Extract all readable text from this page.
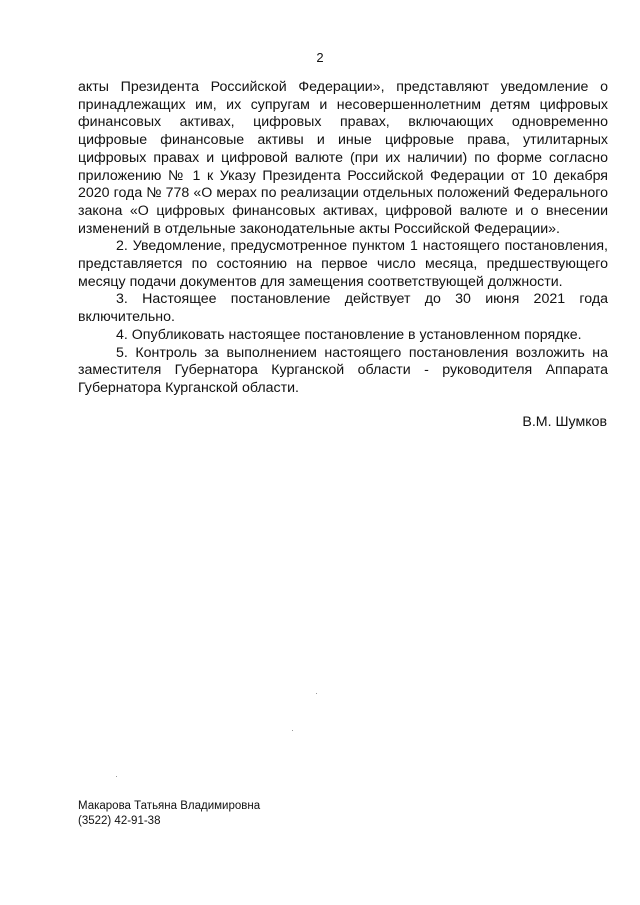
2

акты Президента Российской Федерации», представляют уведомление о принадлежащих им, их супругам и несовершеннолетним детям цифровых финансовых активах, цифровых правах, включающих одновременно цифровые финансовые активы и иные цифровые права, утилитарных цифровых правах и цифровой валюте (при их наличии) по форме согласно приложению № 1 к Указу Президента Российской Федерации от 10 декабря 2020 года № 778 «О мерах по реализации отдельных положений Федерального закона «О цифровых финансовых активах, цифровой валюте и о внесении изменений в отдельные законодательные акты Российской Федерации».

2. Уведомление, предусмотренное пунктом 1 настоящего постановления, представляется по состоянию на первое число месяца, предшествующего месяцу подачи документов для замещения соответствующей должности.

3. Настоящее постановление действует до 30 июня 2021 года включительно.

4. Опубликовать настоящее постановление в установленном порядке.

5. Контроль за выполнением настоящего постановления возложить на заместителя Губернатора Курганской области - руководителя Аппарата Губернатора Курганской области.

В.М. Шумков
Макарова Татьяна Владимировна
(3522) 42-91-38
